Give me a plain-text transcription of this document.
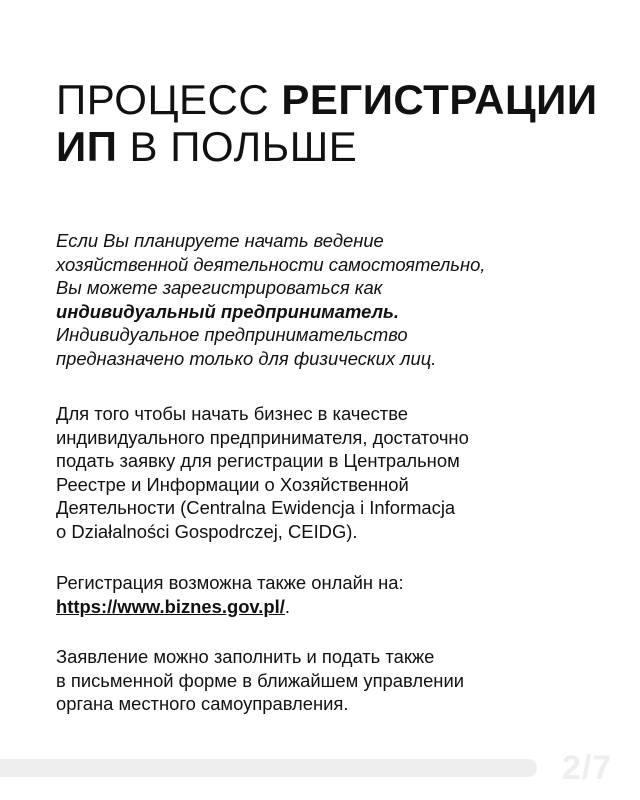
ПРОЦЕСС РЕГИСТРАЦИИ
ИП В ПОЛЬШЕ

Если Вы планируете начать ведение
хозяйственной деятельности самостоятельно,
Вы можете зарегистрироваться как
индивидуальный предприниматель.
Индивидуальное предпринимательство
предназначено только для физических лиц.

Для того чтобы начать бизнес в качестве
индивидуального предпринимателя, достаточно
подать заявку для регистрации в Центральном
Реестре и Информации о Хозяйственной
Деятельности (Centralna Ewidencja i Informacja
o Działalności Gospodrczej, CEIDG).

Регистрация возможна также онлайн на:
https://www.biznes.gov.pl/.

Заявление можно заполнить и подать также
в письменной форме в ближайшем управлении
органа местного самоуправления.

2/7
